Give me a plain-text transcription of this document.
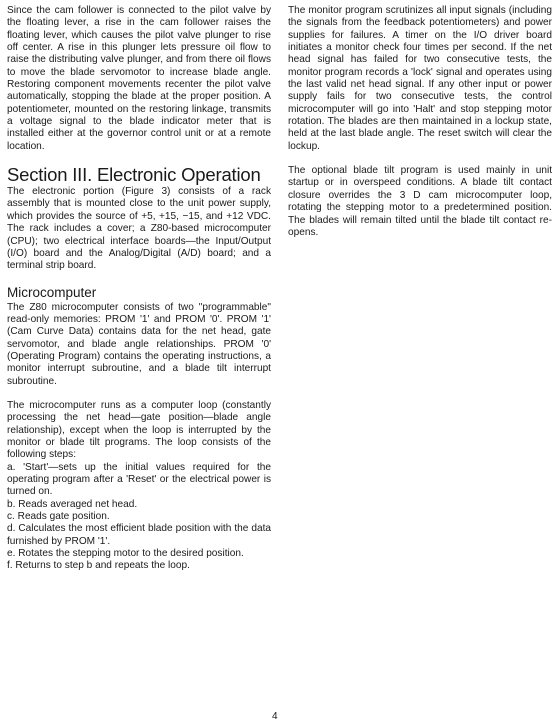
Since the cam follower is connected to the pilot valve by the floating lever, a rise in the cam follower raises the floating lever, which causes the pilot valve plunger to rise off center. A rise in this plunger lets pressure oil flow to raise the distributing valve plunger, and from there oil flows to move the blade servomotor to increase blade angle. Restoring component movements recenter the pilot valve automatically, stopping the blade at the proper position. A potentiometer, mounted on the restoring linkage, transmits a voltage signal to the blade indicator meter that is installed either at the governor control unit or at a remote location.

Section III. Electronic Operation

The electronic portion (Figure 3) consists of a rack assembly that is mounted close to the unit power supply, which provides the source of +5, +15, −15, and +12 VDC. The rack includes a cover; a Z80-based microcomputer (CPU); two electrical interface boards—the Input/Output (I/O) board and the Analog/Digital (A/D) board; and a terminal strip board.

Microcomputer

The Z80 microcomputer consists of two "programmable" read-only memories: PROM '1' and PROM '0'. PROM '1' (Cam Curve Data) contains data for the net head, gate servomotor, and blade angle relationships. PROM '0' (Operating Program) contains the operating instructions, a monitor interrupt subroutine, and a blade tilt interrupt subroutine.

The microcomputer runs as a computer loop (constantly processing the net head—gate position—blade angle relationship), except when the loop is interrupted by the monitor or blade tilt programs. The loop consists of the following steps:

a. 'Start'—sets up the initial values required for the operating program after a 'Reset' or the electrical power is turned on.
b. Reads averaged net head.
c. Reads gate position.
d. Calculates the most efficient blade position with the data furnished by PROM '1'.
e. Rotates the stepping motor to the desired position.
f. Returns to step b and repeats the loop.

The monitor program scrutinizes all input signals (including the signals from the feedback potentiometers) and power supplies for failures. A timer on the I/O driver board initiates a monitor check four times per second. If the net head signal has failed for two consecutive tests, the monitor program records a 'lock' signal and operates using the last valid net head signal. If any other input or power supply fails for two consecutive tests, the control microcomputer will go into 'Halt' and stop stepping motor rotation. The blades are then maintained in a lockup state, held at the last blade angle. The reset switch will clear the lockup.

The optional blade tilt program is used mainly in unit startup or in overspeed conditions. A blade tilt contact closure overrides the 3 D cam microcomputer loop, rotating the stepping motor to a predetermined position. The blades will remain tilted until the blade tilt contact re-opens.

4
